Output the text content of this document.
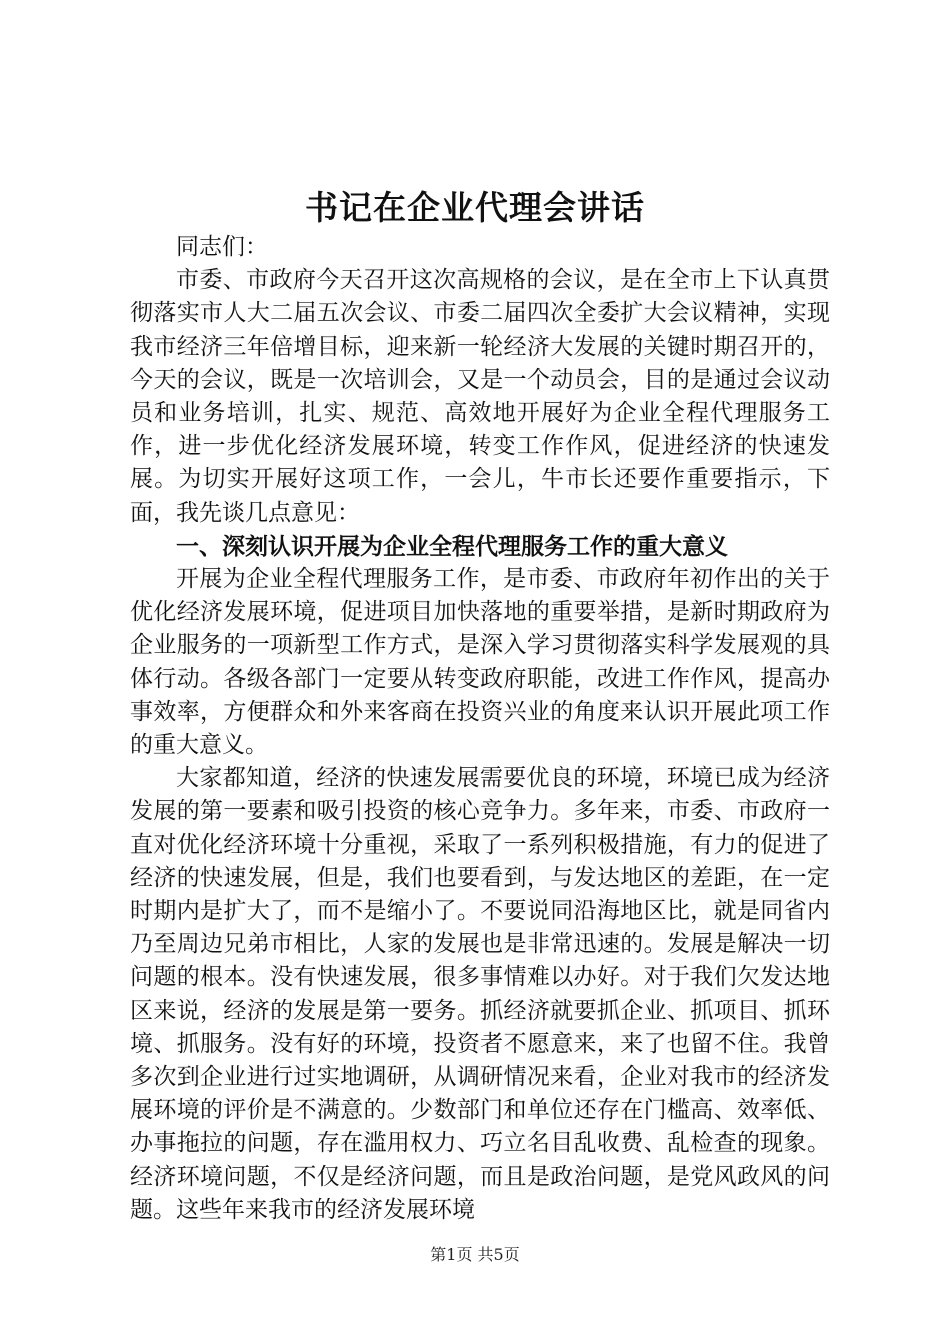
书记在企业代理会讲话

同志们：

市委、市政府今天召开这次高规格的会议，是在全市上下认真贯彻落实市人大二届五次会议、市委二届四次全委扩大会议精神，实现我市经济三年倍增目标，迎来新一轮经济大发展的关键时期召开的，今天的会议，既是一次培训会，又是一个动员会，目的是通过会议动员和业务培训，扎实、规范、高效地开展好为企业全程代理服务工作，进一步优化经济发展环境，转变工作作风，促进经济的快速发展。为切实开展好这项工作，一会儿，牛市长还要作重要指示，下面，我先谈几点意见：

一、深刻认识开展为企业全程代理服务工作的重大意义

开展为企业全程代理服务工作，是市委、市政府年初作出的关于优化经济发展环境，促进项目加快落地的重要举措，是新时期政府为企业服务的一项新型工作方式，是深入学习贯彻落实科学发展观的具体行动。各级各部门一定要从转变政府职能，改进工作作风，提高办事效率，方便群众和外来客商在投资兴业的角度来认识开展此项工作的重大意义。

大家都知道，经济的快速发展需要优良的环境，环境已成为经济发展的第一要素和吸引投资的核心竞争力。多年来，市委、市政府一直对优化经济环境十分重视，采取了一系列积极措施，有力的促进了经济的快速发展，但是，我们也要看到，与发达地区的差距，在一定时期内是扩大了，而不是缩小了。不要说同沿海地区比，就是同省内乃至周边兄弟市相比，人家的发展也是非常迅速的。发展是解决一切问题的根本。没有快速发展，很多事情难以办好。对于我们欠发达地区来说，经济的发展是第一要务。抓经济就要抓企业、抓项目、抓环境、抓服务。没有好的环境，投资者不愿意来，来了也留不住。我曾多次到企业进行过实地调研，从调研情况来看，企业对我市的经济发展环境的评价是不满意的。少数部门和单位还存在门槛高、效率低、办事拖拉的问题，存在滥用权力、巧立名目乱收费、乱检查的现象。经济环境问题，不仅是经济问题，而且是政治问题，是党风政风的问题。这些年来我市的经济发展环境

第1页 共5页
